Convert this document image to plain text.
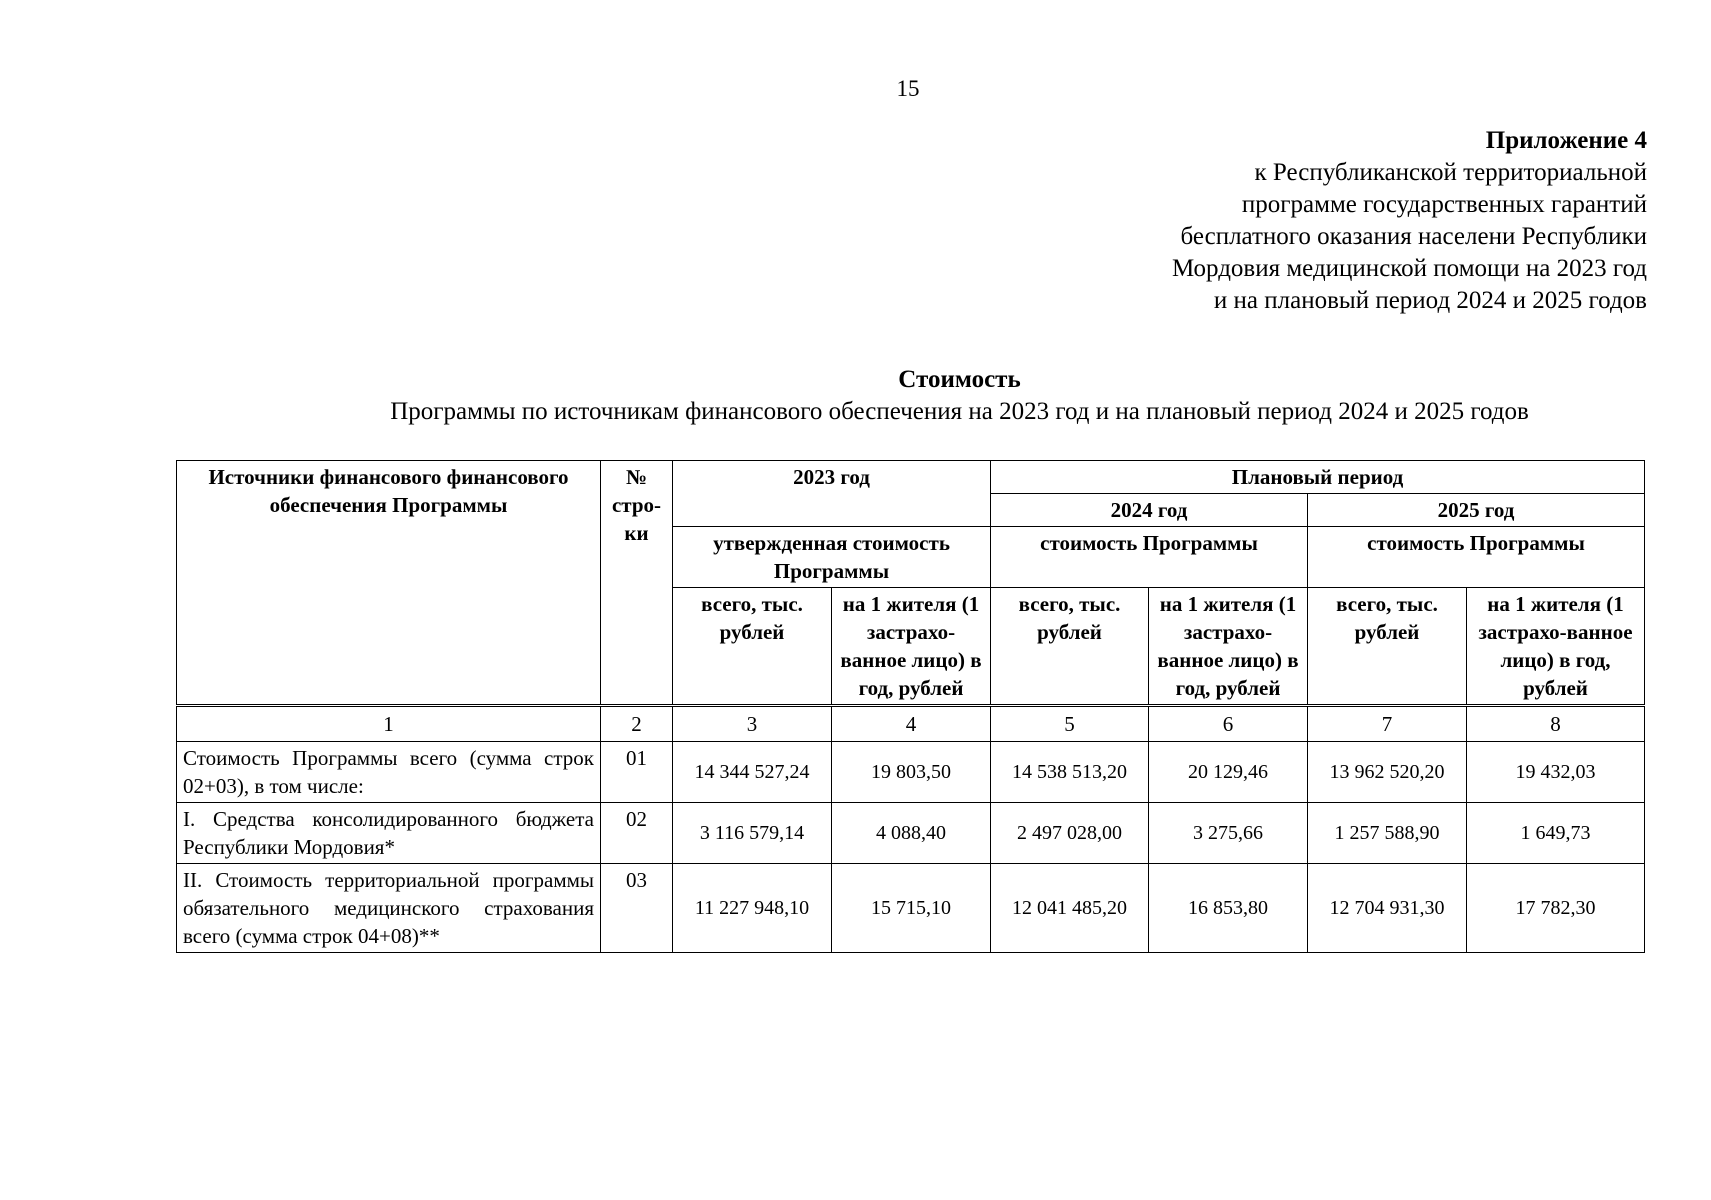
15
Приложение 4
к Республиканской территориальной
программе государственных гарантий
бесплатного оказания населени Республики
Мордовия медицинской помощи на 2023 год
и на плановый период 2024 и 2025 годов
Стоимость
Программы по источникам финансового обеспечения на 2023 год и на плановый период 2024 и 2025 годов
Источники финансового финансового обеспечения Программы	№ стро-ки	2023 год		Плановый период			
				2024 год		2025 год	
		утвержденная стоимость Программы		стоимость Программы		стоимость Программы	
		всего, тыс. рублей	на 1 жителя (1 застрахо-ванное лицо) в год, рублей	всего, тыс. рублей	на 1 жителя (1 застрахо-ванное лицо) в год, рублей	всего, тыс. рублей	на 1 жителя (1 застрахо-ванное лицо) в год, рублей
1	2	3	4	5	6	7	8
Стоимость Программы всего (сумма строк 02+03), в том числе:	01	14 344 527,24	19 803,50	14 538 513,20	20 129,46	13 962 520,20	19 432,03
I. Средства консолидированного бюджета Республики Мордовия*	02	3 116 579,14	4 088,40	2 497 028,00	3 275,66	1 257 588,90	1 649,73
II. Стоимость территориальной программы обязательного медицинского страхования всего (сумма строк 04+08)**	03	11 227 948,10	15 715,10	12 041 485,20	16 853,80	12 704 931,30	17 782,30
